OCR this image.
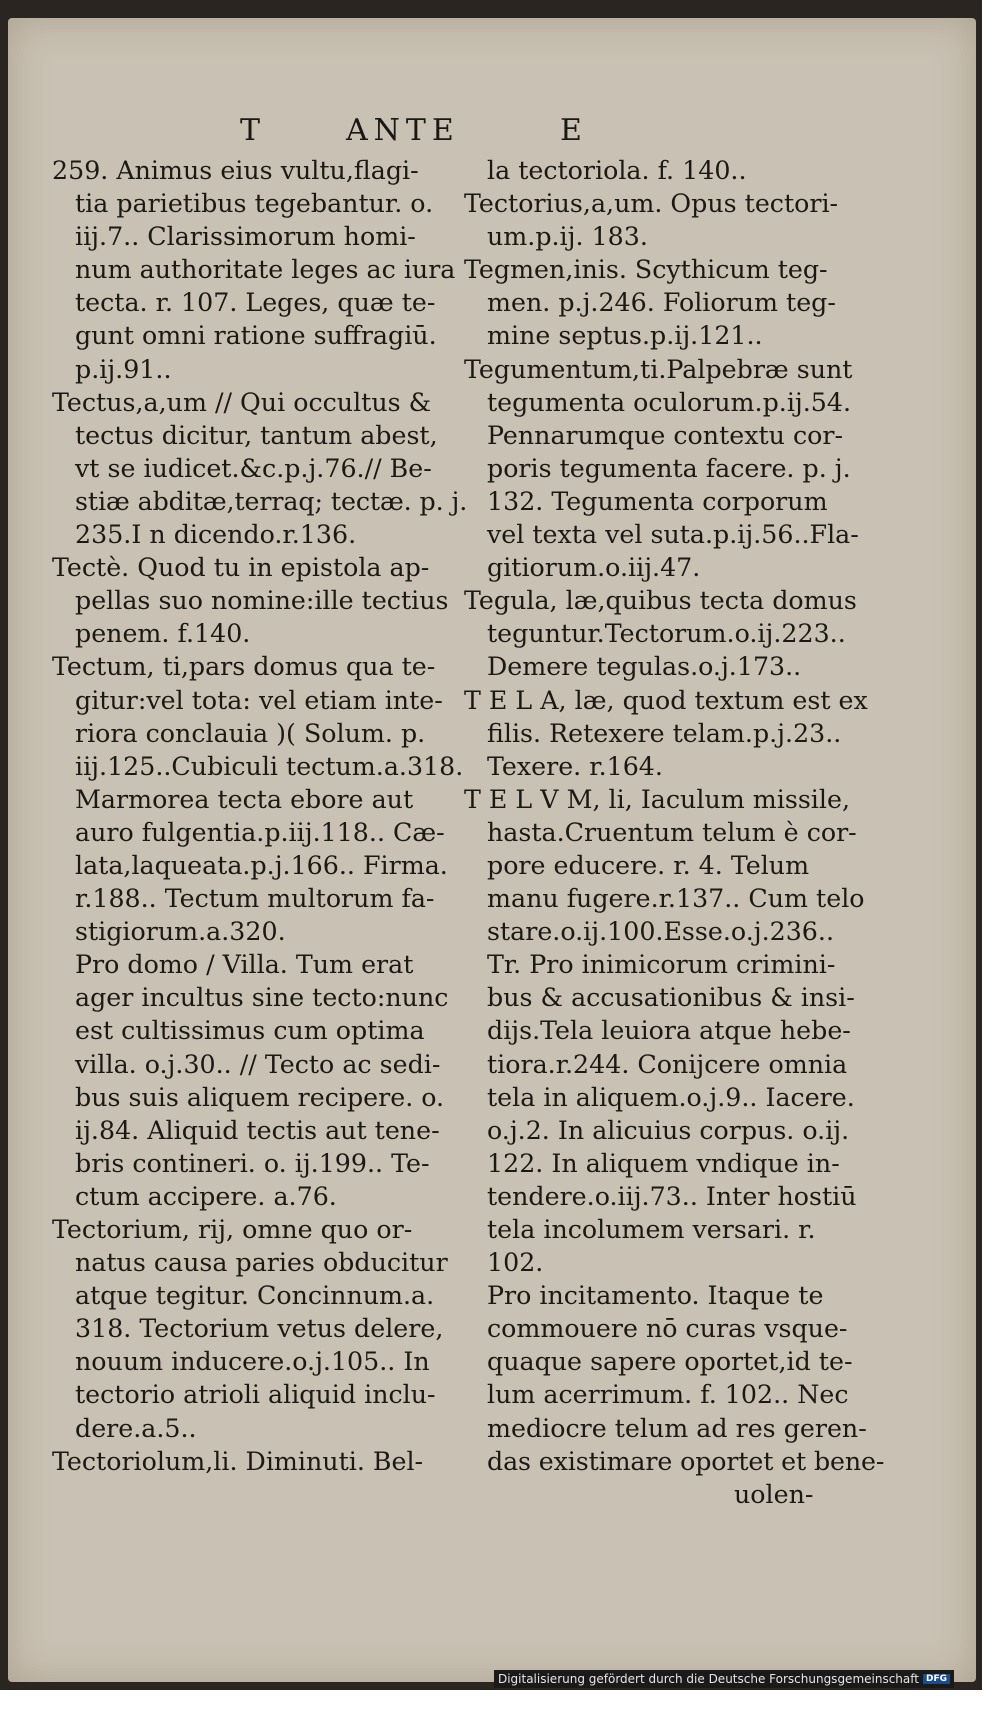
T	ANTE	E
259. Animus eius vultu,flagi-
tia parietibus tegebantur. o.
iij.7.. Clarissimorum homi-
num authoritate leges ac iura
tecta. r. 107. Leges, quæ te-
gunt omni ratione suffragiū.
p.ij.91..
Tectus,a,um // Qui occultus &
tectus dicitur, tantum abest,
vt se iudicet.&c.p.j.76.// Be-
stiæ abditæ,terraq; tectæ. p. j.
235.I n dicendo.r.136.
Tectè. Quod tu in epistola ap-
pellas suo nomine:ille tectius
penem. f.140.
Tectum, ti,pars domus qua te-
gitur:vel tota: vel etiam inte-
riora conclauia )( Solum. p.
iij.125..Cubiculi tectum.a.318.
Marmorea tecta ebore aut
auro fulgentia.p.iij.118.. Cæ-
lata,laqueata.p.j.166.. Firma.
r.188.. Tectum multorum fa-
stigiorum.a.320.
Pro domo / Villa. Tum erat
ager incultus sine tecto:nunc
est cultissimus cum optima
villa. o.j.30.. // Tecto ac sedi-
bus suis aliquem recipere. o.
ij.84. Aliquid tectis aut tene-
bris contineri. o. ij.199.. Te-
ctum accipere. a.76.
Tectorium, rij, omne quo or-
natus causa paries obducitur
atque tegitur. Concinnum.a.
318. Tectorium vetus delere,
nouum inducere.o.j.105.. In
tectorio atrioli aliquid inclu-
dere.a.5..
Tectoriolum,li. Diminuti. Bel-
la tectoriola. f. 140..
Tectorius,a,um. Opus tectori-
um.p.ij. 183.
Tegmen,inis. Scythicum teg-
men. p.j.246. Foliorum teg-
mine septus.p.ij.121..
Tegumentum,ti.Palpebræ sunt
tegumenta oculorum.p.ij.54.
Pennarumque contextu cor-
poris tegumenta facere. p. j.
132. Tegumenta corporum
vel texta vel suta.p.ij.56..Fla-
gitiorum.o.iij.47.
Tegula, læ,quibus tecta domus
teguntur.Tectorum.o.ij.223..
Demere tegulas.o.j.173..
T E L A, læ, quod textum est ex
filis. Retexere telam.p.j.23..
Texere. r.164.
T E L V M, li, Iaculum missile,
hasta.Cruentum telum è cor-
pore educere. r. 4. Telum
manu fugere.r.137.. Cum telo
stare.o.ij.100.Esse.o.j.236..
Tr. Pro inimicorum crimini-
bus & accusationibus & insi-
dijs.Tela leuiora atque hebe-
tiora.r.244. Conijcere omnia
tela in aliquem.o.j.9.. Iacere.
o.j.2. In alicuius corpus. o.ij.
122. In aliquem vndique in-
tendere.o.iij.73.. Inter hostiū
tela incolumem versari. r.
102.
Pro incitamento. Itaque te
commouere nō curas vsque-
quaque sapere oportet,id te-
lum acerrimum. f. 102.. Nec
mediocre telum ad res geren-
das existimare oportet et bene-
uolen-
Digitalisierung gefördert durch die Deutsche Forschungsgemeinschaft DFG
